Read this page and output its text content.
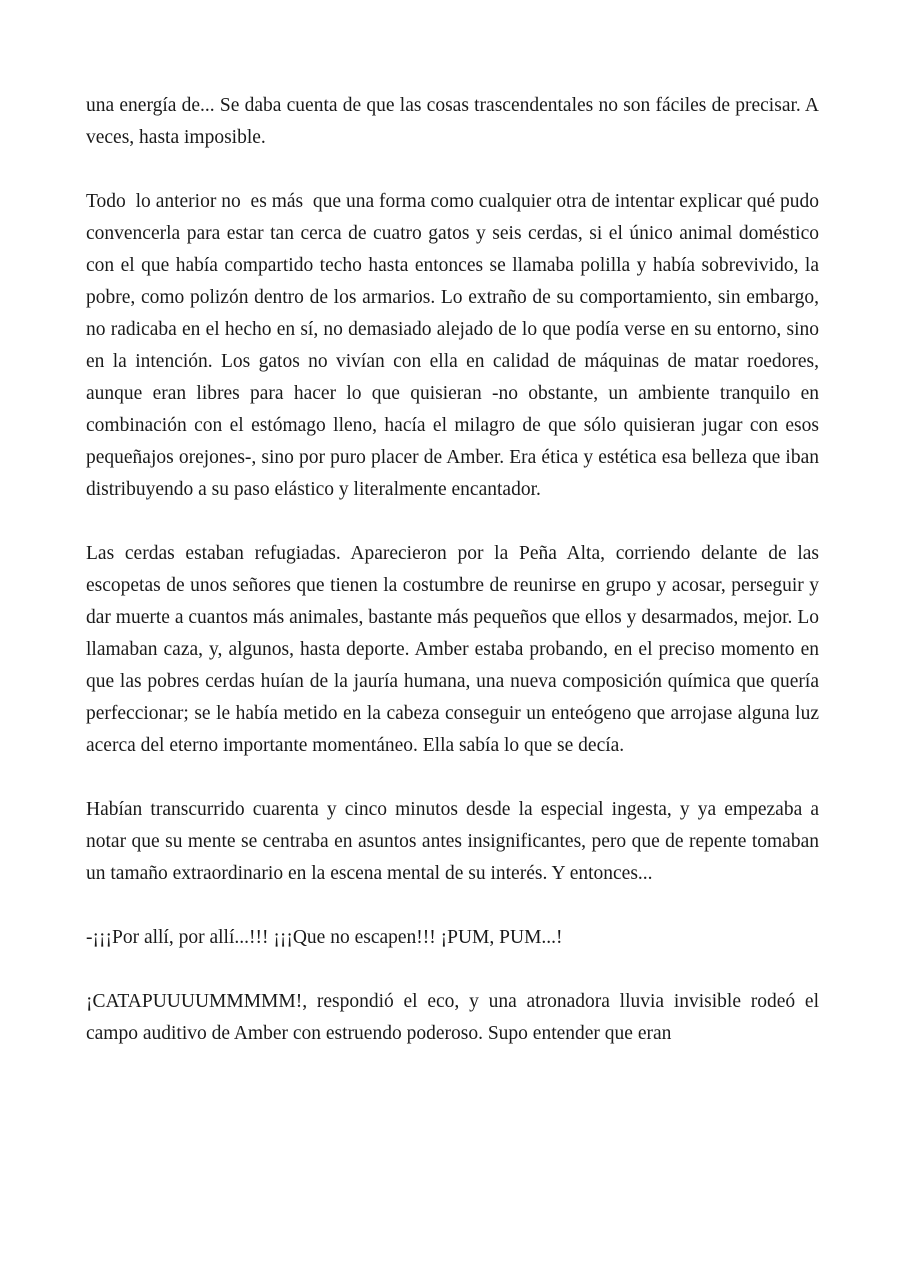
una energía de... Se daba cuenta de que las cosas trascendentales no son fáciles de precisar. A veces, hasta imposible.

Todo  lo anterior no  es más  que una forma como cualquier otra de intentar explicar qué pudo convencerla para estar tan cerca de cuatro gatos y seis cerdas, si el único animal doméstico con el que había compartido techo hasta entonces se llamaba polilla y había sobrevivido, la pobre, como polizón dentro de los armarios. Lo extraño de su comportamiento, sin embargo, no radicaba en el hecho en sí, no demasiado alejado de lo que podía verse en su entorno, sino en la intención. Los gatos no vivían con ella en calidad de máquinas de matar roedores, aunque eran libres para hacer lo que quisieran -no obstante, un ambiente tranquilo en combinación con el estómago lleno, hacía el milagro de que sólo quisieran jugar con esos pequeñajos orejones-, sino por puro placer de Amber. Era ética y estética esa belleza que iban distribuyendo a su paso elástico y literalmente encantador.

Las cerdas estaban refugiadas. Aparecieron por la Peña Alta, corriendo delante de las escopetas de unos señores que tienen la costumbre de reunirse en grupo y acosar, perseguir y dar muerte a cuantos más animales, bastante más pequeños que ellos y desarmados, mejor. Lo llamaban caza, y, algunos, hasta deporte. Amber estaba probando, en el preciso momento en que las pobres cerdas huían de la jauría humana, una nueva composición química que quería perfeccionar; se le había metido en la cabeza conseguir un enteógeno que arrojase alguna luz acerca del eterno importante momentáneo. Ella sabía lo que se decía.

Habían transcurrido cuarenta y cinco minutos desde la especial ingesta, y ya empezaba a notar que su mente se centraba en asuntos antes insignificantes, pero que de repente tomaban un tamaño extraordinario en la escena mental de su interés. Y entonces...

-¡¡¡Por allí, por allí...!!! ¡¡¡Que no escapen!!! ¡PUM, PUM...!

¡CATAPUUUUMMMMM!, respondió el eco, y una atronadora lluvia invisible rodeó el campo auditivo de Amber con estruendo poderoso. Supo entender que eran
